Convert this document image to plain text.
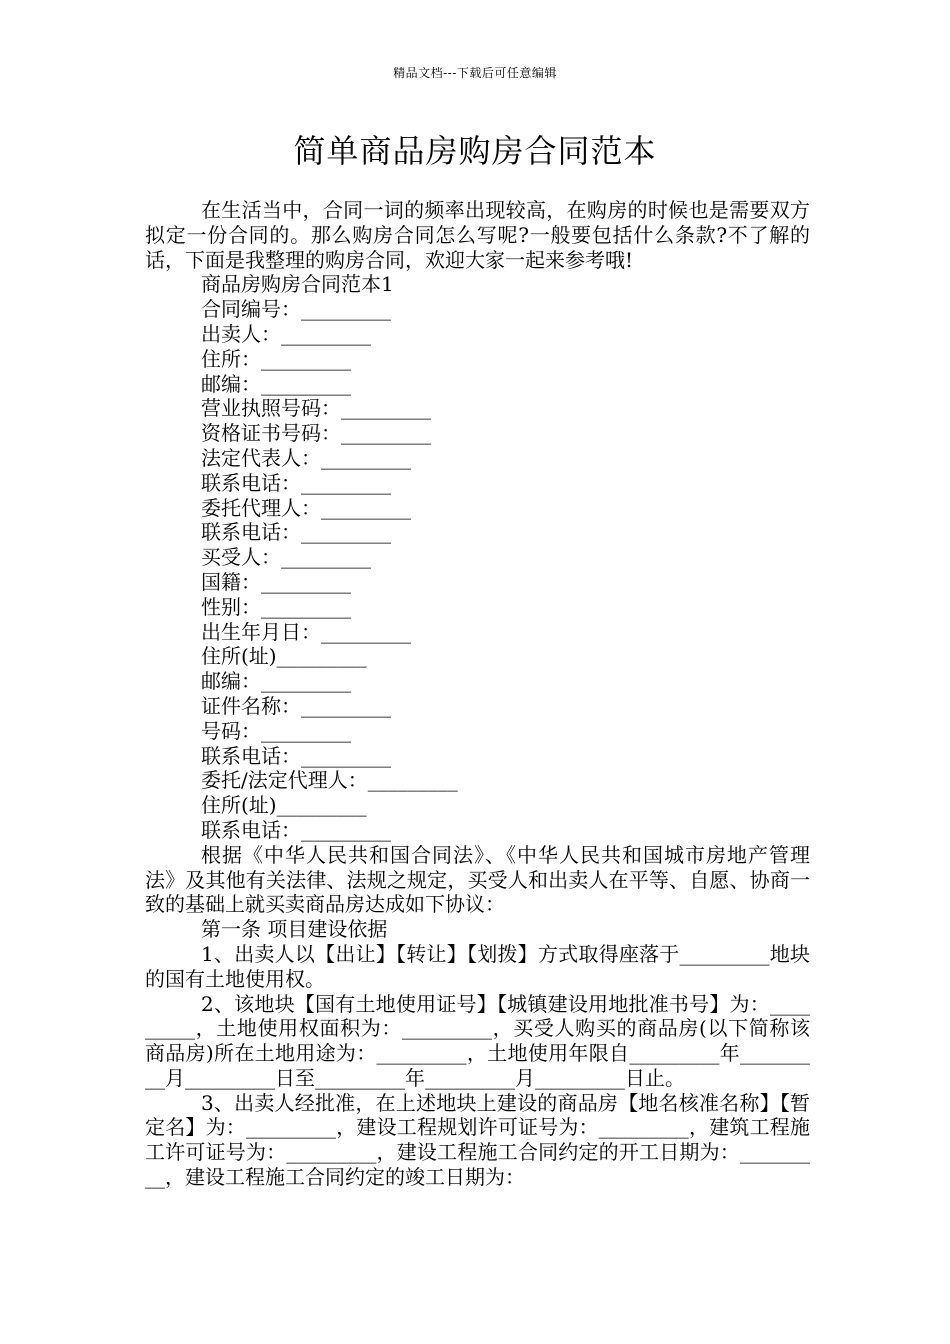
精品文档---下载后可任意编辑
简单商品房购房合同范本

在生活当中，合同一词的频率出现较高，在购房的时候也是需要双方拟定一份合同的。那么购房合同怎么写呢?一般要包括什么条款?不了解的话，下面是我整理的购房合同，欢迎大家一起来参考哦!

商品房购房合同范本1

合同编号：_________

出卖人：_________

住所：_________

邮编：_________

营业执照号码：_________

资格证书号码：_________

法定代表人：_________

联系电话：_________

委托代理人：_________

联系电话：_________

买受人：_________

国籍：_________

性别：_________

出生年月日：_________

住所(址)_________

邮编：_________

证件名称：_________

号码：_________

联系电话：_________

委托/法定代理人：_________

住所(址)_________

联系电话：_________

根据《中华人民共和国合同法》、《中华人民共和国城市房地产管理法》及其他有关法律、法规之规定，买受人和出卖人在平等、自愿、协商一致的基础上就买卖商品房达成如下协议：

第一条 项目建设依据

1、出卖人以【出让】【转让】【划拨】方式取得座落于_________地块的国有土地使用权。

2、该地块【国有土地使用证号】【城镇建设用地批准书号】为：_________，土地使用权面积为：_________，买受人购买的商品房(以下简称该商品房)所在土地用途为：_________，土地使用年限自_________年_________月_________日至_________年_________月_________日止。

3、出卖人经批准，在上述地块上建设的商品房【地名核准名称】【暂定名】为：_________，建设工程规划许可证号为：_________，建筑工程施工许可证号为：_________，建设工程施工合同约定的开工日期为：_________，建设工程施工合同约定的竣工日期为：
